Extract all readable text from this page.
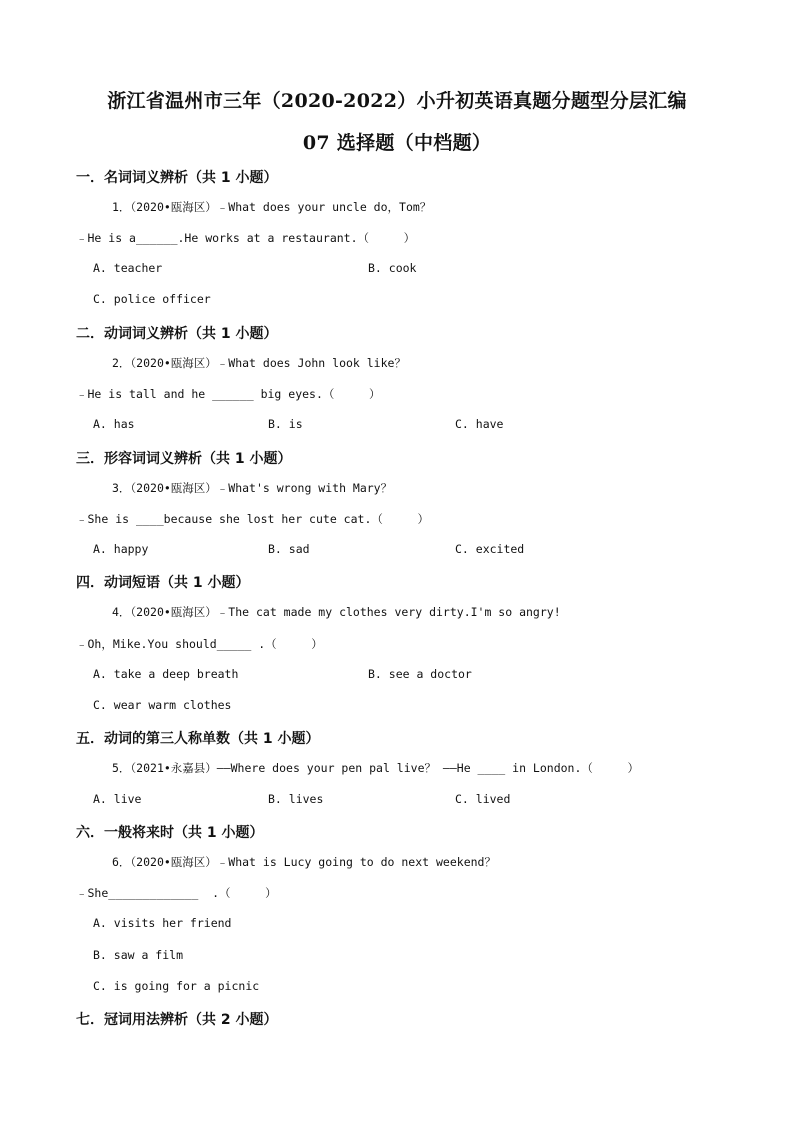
浙江省温州市三年（2020-2022）小升初英语真题分题型分层汇编
07 选择题（中档题）
一．名词词义辨析（共 1 小题）
1．（2020•瓯海区）﹣What does your uncle do，Tom？
﹣He is a______.He works at a restaurant.（     ）
A. teacher	B. cook
C. police officer
二．动词词义辨析（共 1 小题）
2．（2020•瓯海区）﹣What does John look like？
﹣He is tall and he ______ big eyes.（     ）
A. has	B. is	C. have
三．形容词词义辨析（共 1 小题）
3．（2020•瓯海区）﹣What's wrong with Mary？
﹣She is ____because she lost her cute cat.（     ）
A. happy	B. sad	C. excited
四．动词短语（共 1 小题）
4．（2020•瓯海区）﹣The cat made my clothes very dirty.I'm so angry!
﹣Oh，Mike.You should_____ .（     ）
A. take a deep breath	B. see a doctor
C. wear warm clothes
五．动词的第三人称单数（共 1 小题）
5．（2021•永嘉县）——Where does your pen pal live？ ——He ____ in London.（     ）
A. live	B. lives	C. lived
六．一般将来时（共 1 小题）
6．（2020•瓯海区）﹣What is Lucy going to do next weekend？
﹣She_____________  .（     ）
A. visits her friend
B. saw a film
C. is going for a picnic
七．冠词用法辨析（共 2 小题）
